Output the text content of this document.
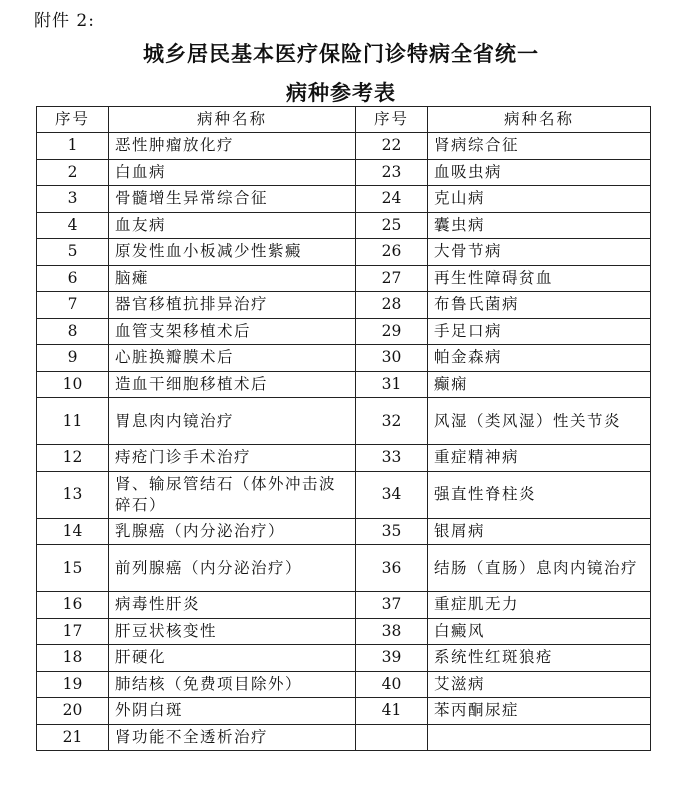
附件 2:
城乡居民基本医疗保险门诊特病全省统一
病种参考表
序号	病种名称	序号	病种名称
1	恶性肿瘤放化疗	22	肾病综合征
2	白血病	23	血吸虫病
3	骨髓增生异常综合征	24	克山病
4	血友病	25	囊虫病
5	原发性血小板减少性紫癜	26	大骨节病
6	脑瘫	27	再生性障碍贫血
7	器官移植抗排异治疗	28	布鲁氏菌病
8	血管支架移植术后	29	手足口病
9	心脏换瓣膜术后	30	帕金森病
10	造血干细胞移植术后	31	癫痫
11	胃息肉内镜治疗	32	风湿（类风湿）性关节炎
12	痔疮门诊手术治疗	33	重症精神病
13	肾、输尿管结石（体外冲击波碎石）	34	强直性脊柱炎
14	乳腺癌（内分泌治疗）	35	银屑病
15	前列腺癌（内分泌治疗）	36	结肠（直肠）息肉内镜治疗
16	病毒性肝炎	37	重症肌无力
17	肝豆状核变性	38	白癜风
18	肝硬化	39	系统性红斑狼疮
19	肺结核（免费项目除外）	40	艾滋病
20	外阴白斑	41	苯丙酮尿症
21	肾功能不全透析治疗		
